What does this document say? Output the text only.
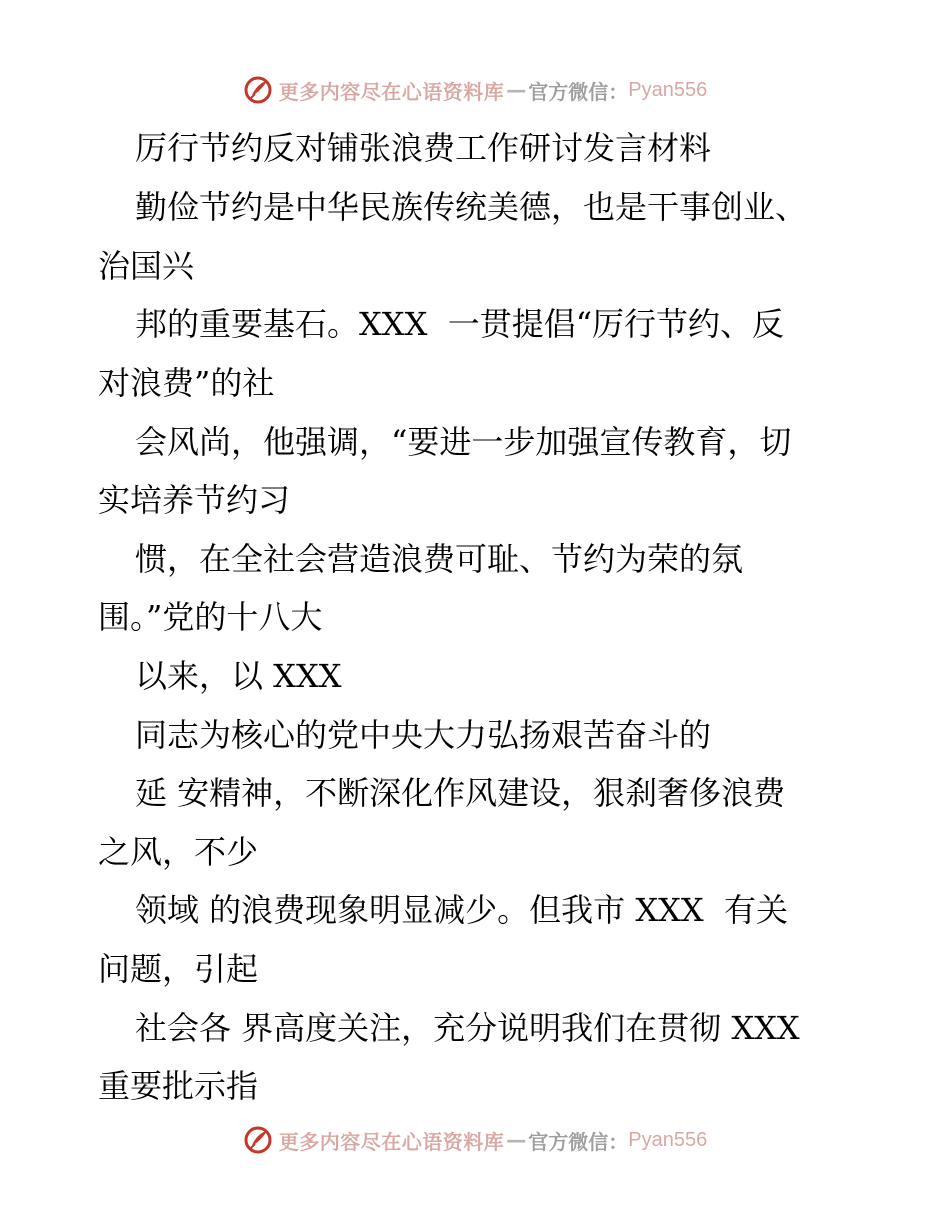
更多内容尽在心语资料库 — 官方微信： Pyan556
厉行节约反对铺张浪费工作研讨发言材料
勤俭节约是中华民族传统美德，也是干事创业、
治国兴
邦的重要基石。XXX  一贯提倡“厉行节约、反
对浪费”的社
会风尚，他强调，“要进一步加强宣传教育，切
实培养节约习
惯，在全社会营造浪费可耻、节约为荣的氛
围。”党的十八大
以来，以 XXX
同志为核心的党中央大力弘扬艰苦奋斗的
延 安精神，不断深化作风建设，狠刹奢侈浪费
之风，不少
领域 的浪费现象明显减少。但我市 XXX  有关
问题，引起
社会各 界高度关注，充分说明我们在贯彻 XXX
重要批示指
更多内容尽在心语资料库 — 官方微信： Pyan556
